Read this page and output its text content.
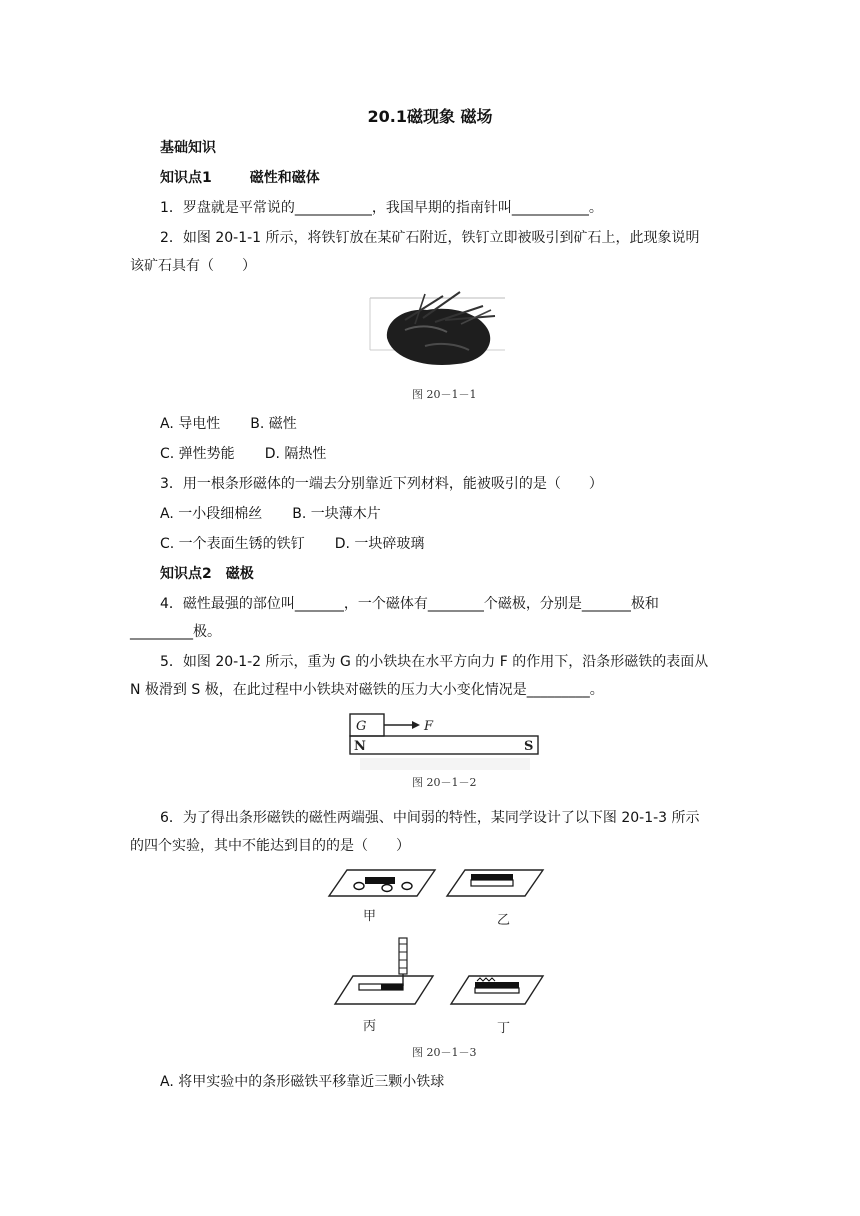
20.1磁现象 磁场
基础知识
知识点1	磁性和磁体
1．罗盘就是平常说的___________，我国早期的指南针叫___________。
2．如图 20-1-1 所示，将铁钉放在某矿石附近，铁钉立即被吸引到矿石上，此现象说明
该矿石具有（　　）
图 20－1－1
A. 导电性 B. 磁性
C. 弹性势能 D. 隔热性
3．用一根条形磁体的一端去分别靠近下列材料，能被吸引的是（　　）
A. 一小段细棉丝 B. 一块薄木片
C. 一个表面生锈的铁钉 D. 一块碎玻璃
知识点2 磁极
4．磁性最强的部位叫_______，一个磁体有________个磁极，分别是_______极和
_________极。
5．如图 20-1-2 所示，重为 G 的小铁块在水平方向力 F 的作用下，沿条形磁铁的表面从
N 极滑到 S 极，在此过程中小铁块对磁铁的压力大小变化情况是_________。
G	F
N	S
图 20－1－2
6．为了得出条形磁铁的磁性两端强、中间弱的特性，某同学设计了以下图 20-1-3 所示
的四个实验，其中不能达到目的的是（　　）
甲	乙
丙	丁
图 20－1－3
A. 将甲实验中的条形磁铁平移靠近三颗小铁球
